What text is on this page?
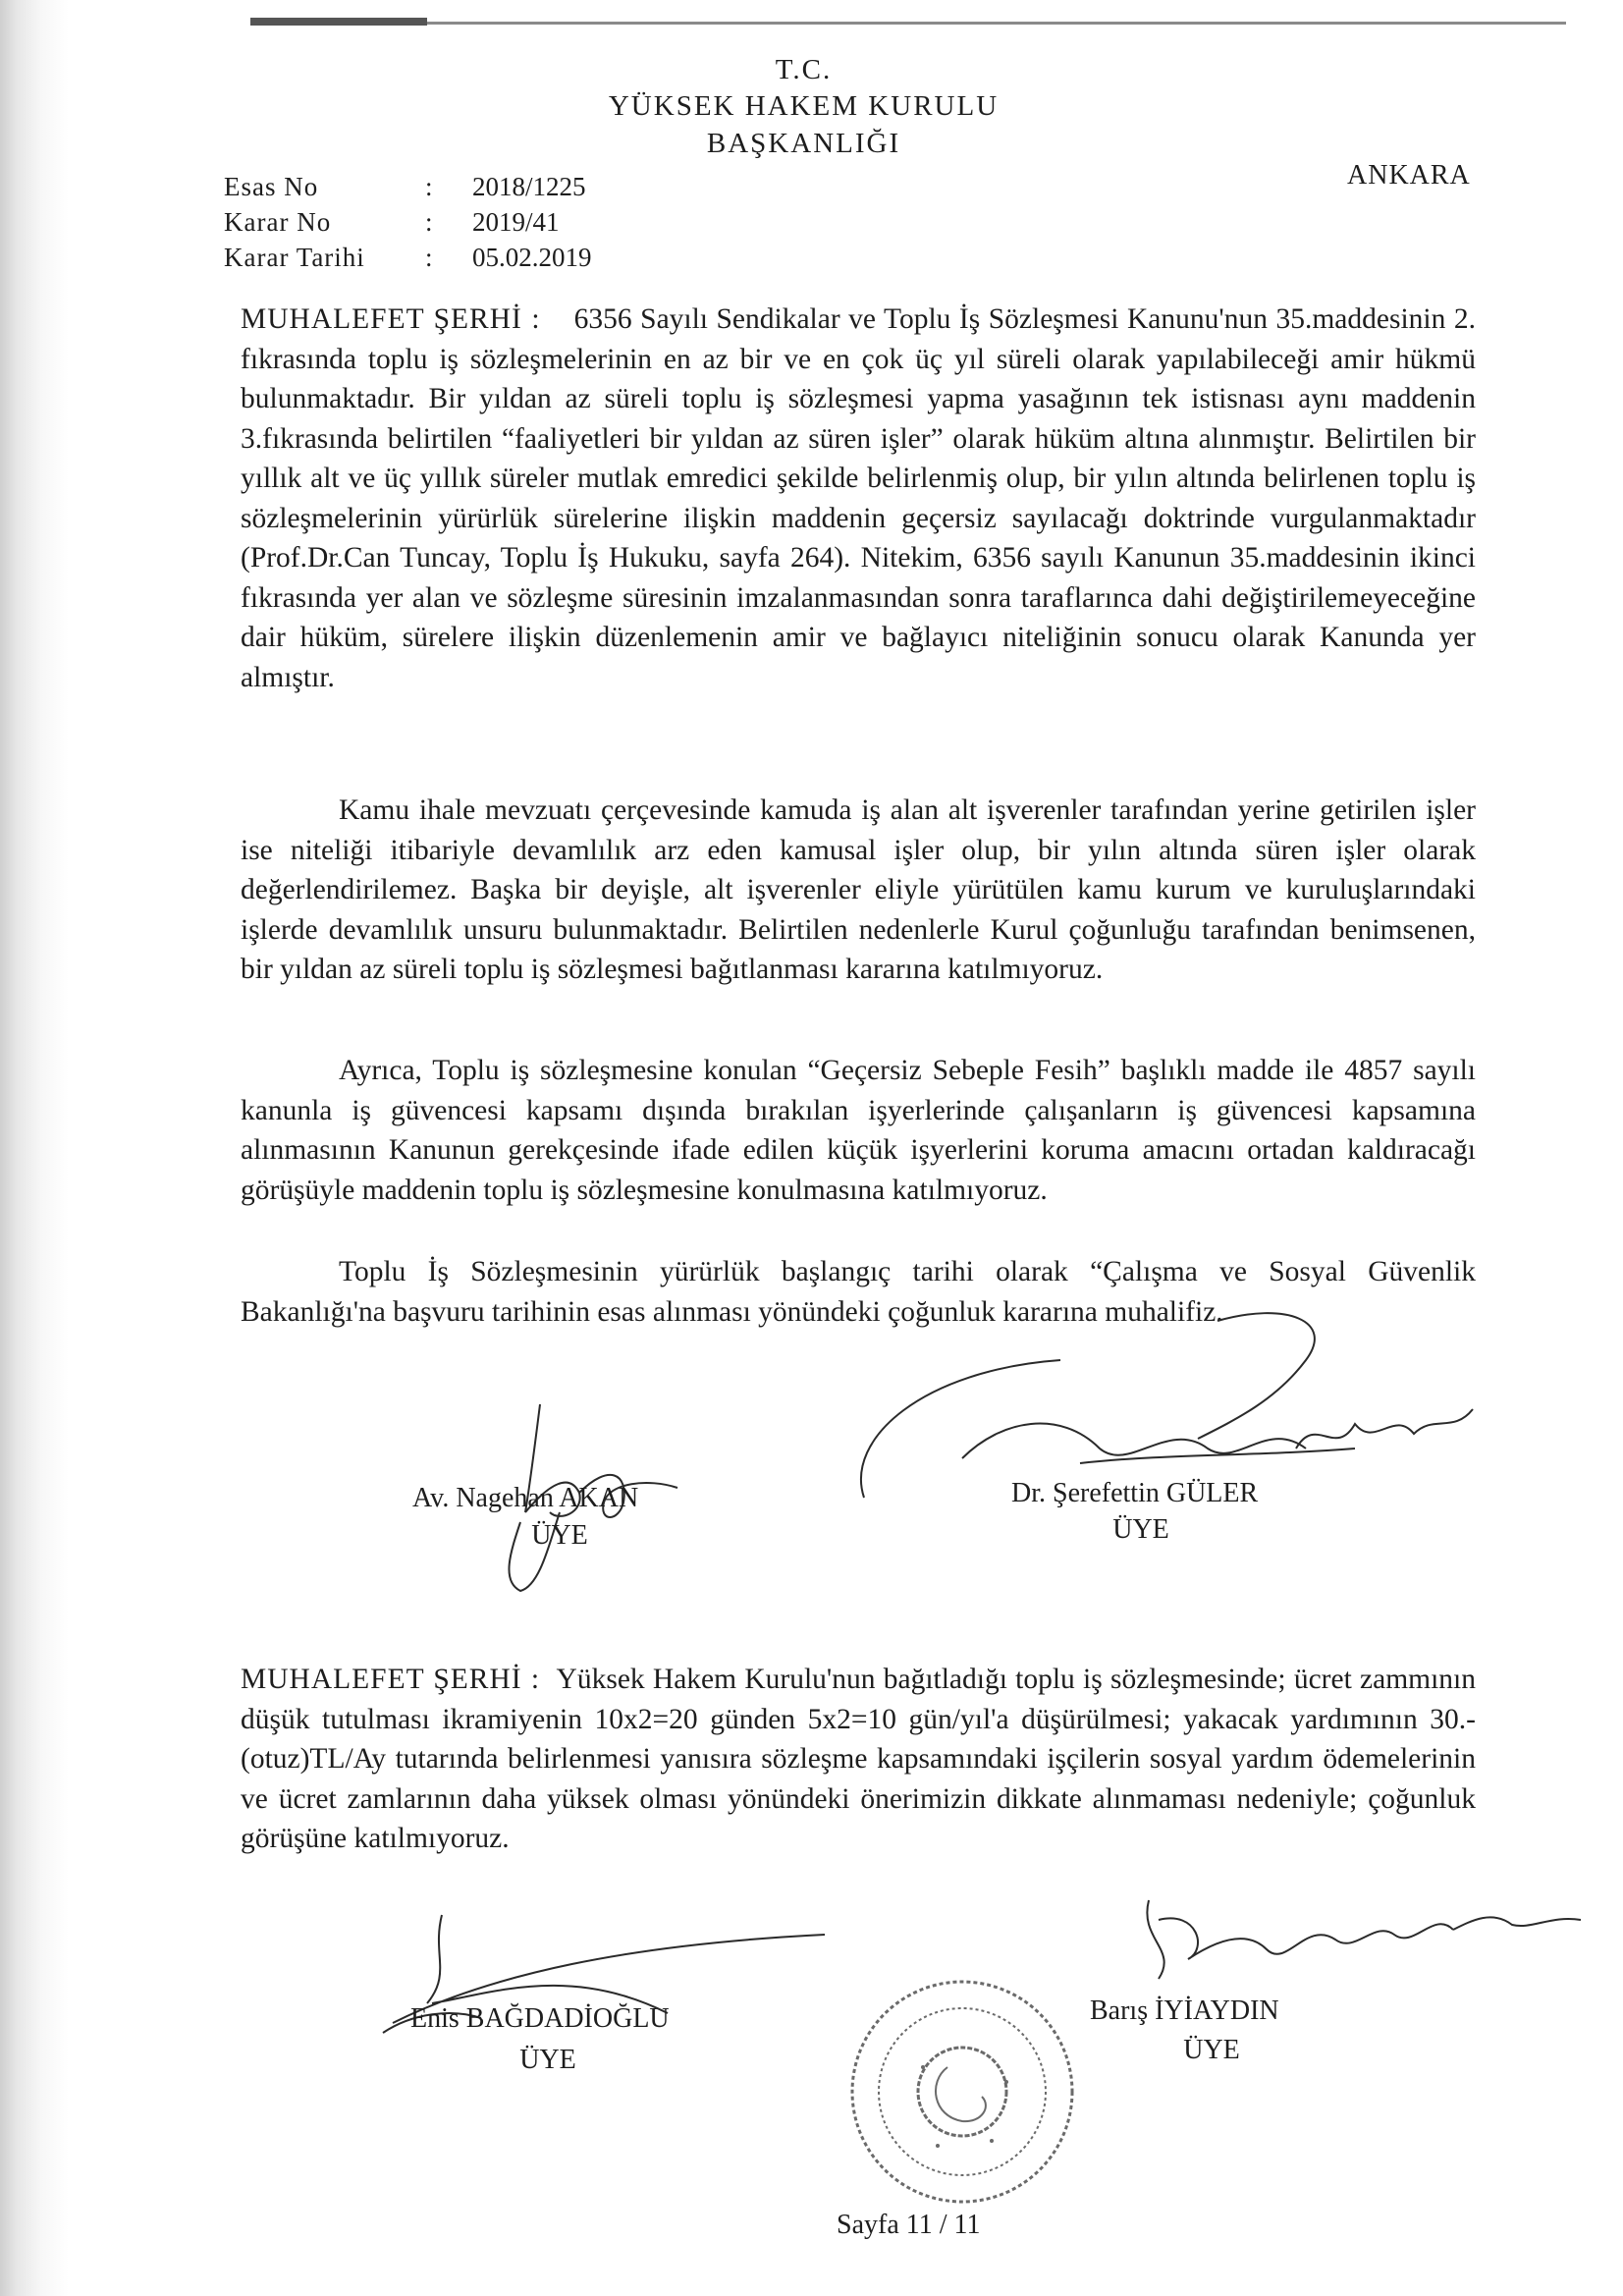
T.C.
YÜKSEK HAKEM KURULU
BAŞKANLIĞI
ANKARA
Esas No	: 2018/1225
Karar No	: 2019/41
Karar Tarihi : 05.02.2019

MUHALEFET ŞERHİ : 6356 Sayılı Sendikalar ve Toplu İş Sözleşmesi Kanunu'nun 35.maddesinin 2. fıkrasında toplu iş sözleşmelerinin en az bir ve en çok üç yıl süreli olarak yapılabileceği amir hükmü bulunmaktadır. Bir yıldan az süreli toplu iş sözleşmesi yapma yasağının tek istisnası aynı maddenin 3.fıkrasında belirtilen “faaliyetleri bir yıldan az süren işler” olarak hüküm altına alınmıştır. Belirtilen bir yıllık alt ve üç yıllık süreler mutlak emredici şekilde belirlenmiş olup, bir yılın altında belirlenen toplu iş sözleşmelerinin yürürlük sürelerine ilişkin maddenin geçersiz sayılacağı doktrinde vurgulanmaktadır (Prof.Dr.Can Tuncay, Toplu İş Hukuku, sayfa 264). Nitekim, 6356 sayılı Kanunun 35.maddesinin ikinci fıkrasında yer alan ve sözleşme süresinin imzalanmasından sonra taraflarınca dahi değiştirilemeyeceğine dair hüküm, sürelere ilişkin düzenlemenin amir ve bağlayıcı niteliğinin sonucu olarak Kanunda yer almıştır.

Kamu ihale mevzuatı çerçevesinde kamuda iş alan alt işverenler tarafından yerine getirilen işler ise niteliği itibariyle devamlılık arz eden kamusal işler olup, bir yılın altında süren işler olarak değerlendirilemez. Başka bir deyişle, alt işverenler eliyle yürütülen kamu kurum ve kuruluşlarındaki işlerde devamlılık unsuru bulunmaktadır. Belirtilen nedenlerle Kurul çoğunluğu tarafından benimsenen, bir yıldan az süreli toplu iş sözleşmesi bağıtlanması kararına katılmıyoruz.

Ayrıca, Toplu iş sözleşmesine konulan “Geçersiz Sebeple Fesih” başlıklı madde ile 4857 sayılı kanunla iş güvencesi kapsamı dışında bırakılan işyerlerinde çalışanların iş güvencesi kapsamına alınmasının Kanunun gerekçesinde ifade edilen küçük işyerlerini koruma amacını ortadan kaldıracağı görüşüyle maddenin toplu iş sözleşmesine konulmasına katılmıyoruz.

Toplu İş Sözleşmesinin yürürlük başlangıç tarihi olarak “Çalışma ve Sosyal Güvenlik Bakanlığı'na başvuru tarihinin esas alınması yönündeki çoğunluk kararına muhalifiz.

Av. Nagehan AKAN
ÜYE
Dr. Şerefettin GÜLER
ÜYE

MUHALEFET ŞERHİ : Yüksek Hakem Kurulu'nun bağıtladığı toplu iş sözleşmesinde; ücret zammının düşük tutulması ikramiyenin 10x2=20 günden 5x2=10 gün/yıl'a düşürülmesi; yakacak yardımının 30.-(otuz)TL/Ay tutarında belirlenmesi yanısıra sözleşme kapsamındaki işçilerin sosyal yardım ödemelerinin ve ücret zamlarının daha yüksek olması yönündeki önerimizin dikkate alınmaması nedeniyle; çoğunluk görüşüne katılmıyoruz.

Enis BAĞDADİOĞLU
ÜYE
Barış İYİAYDIN
ÜYE
Sayfa 11 / 11
